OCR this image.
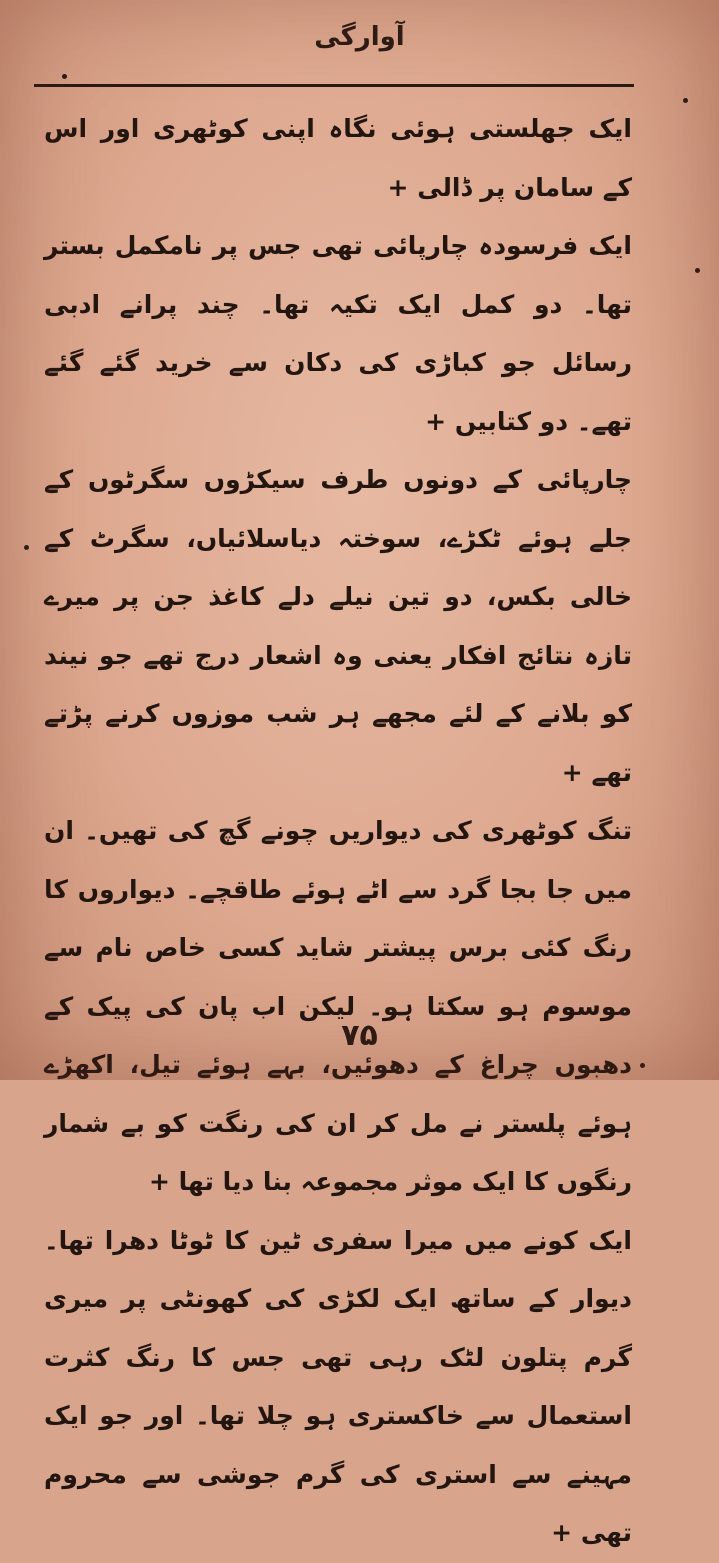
آوارگی

ایک جھلستی ہوئی نگاہ اپنی کوٹھری اور اس کے سامان پر ڈالی +

ایک فرسودہ چارپائی تھی جس پر نامکمل بستر تھا۔ دو کمل ایک تکیہ تھا۔ چند پرانے ادبی رسائل جو کباڑی کی دکان سے خرید گئے گئے تھے۔ دو کتابیں +

چارپائی کے دونوں طرف سیکڑوں سگرٹوں کے جلے ہوئے ٹکڑے، سوختہ دیاسلائیاں، سگرٹ کے خالی بکس، دو تین نیلے دلے کاغذ جن پر میرے تازہ نتائج افکار یعنی وہ اشعار درج تھے جو نیند کو بلانے کے لئے مجھے ہر شب موزوں کرنے پڑتے تھے +

تنگ کوٹھری کی دیواریں چونے گچ کی تھیں۔ ان میں جا بجا گرد سے اٹے ہوئے طاقچے۔ دیواروں کا رنگ کئی برس پیشتر شاید کسی خاص نام سے موسوم ہو سکتا ہو۔ لیکن اب پان کی پیک کے دھبوں چراغ کے دھوئیں، بہے ہوئے تیل، اکھڑے ہوئے پلستر نے مل کر ان کی رنگت کو بے شمار رنگوں کا ایک موثر مجموعہ بنا دیا تھا +

ایک کونے میں میرا سفری ٹین کا ٹوٹا دھرا تھا۔ دیوار کے ساتھ ایک لکڑی کی کھونٹی پر میری گرم پتلون لٹک رہی تھی جس کا رنگ کثرت استعمال سے خاکستری ہو چلا تھا۔ اور جو ایک مہینے سے استری کی گرم جوشی سے محروم تھی +

۷۵
